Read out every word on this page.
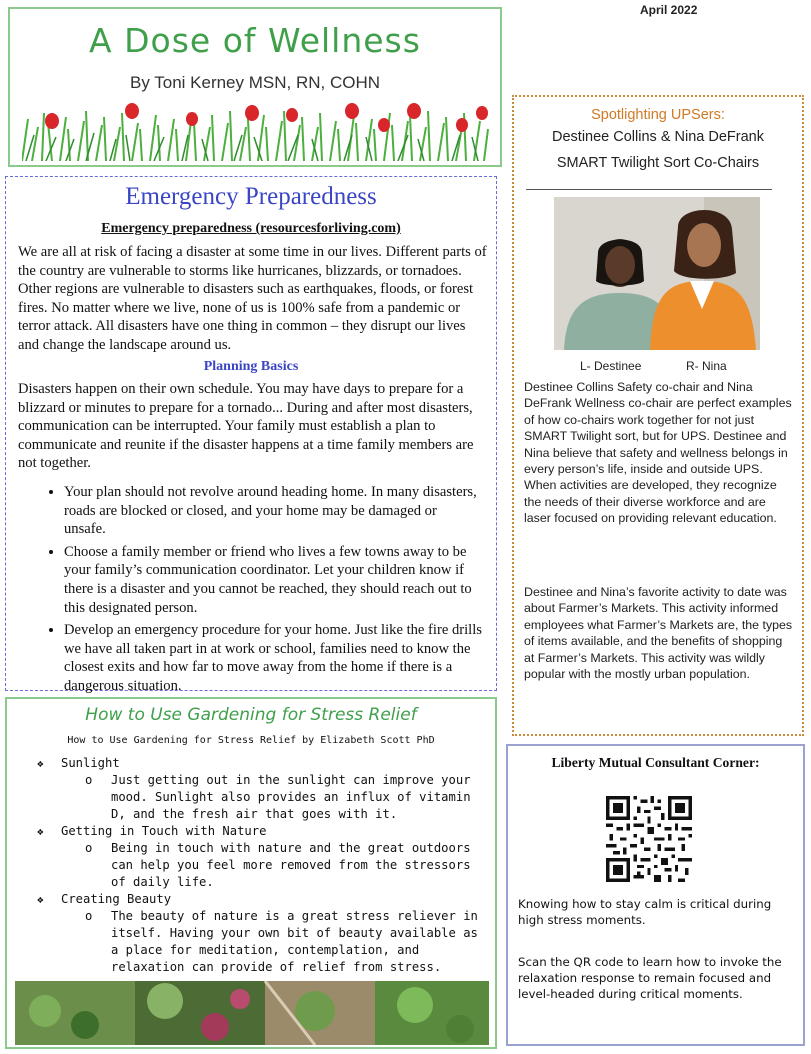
A Dose of Wellness
By Toni Kerney MSN, RN, COHN
April 2022
Emergency Preparedness
Emergency preparedness (resourcesforliving.com)
We are all at risk of facing a disaster at some time in our lives. Different parts of the country are vulnerable to storms like hurricanes, blizzards, or tornadoes. Other regions are vulnerable to disasters such as earthquakes, floods, or forest fires. No matter where we live, none of us is 100% safe from a pandemic or terror attack. All disasters have one thing in common – they disrupt our lives and change the landscape around us.
Planning Basics
Disasters happen on their own schedule. You may have days to prepare for a blizzard or minutes to prepare for a tornado... During and after most disasters, communication can be interrupted. Your family must establish a plan to communicate and reunite if the disaster happens at a time family members are not together.
• Your plan should not revolve around heading home. In many disasters, roads are blocked or closed, and your home may be damaged or unsafe.
• Choose a family member or friend who lives a few towns away to be your family’s communication coordinator. Let your children know if there is a disaster and you cannot be reached, they should reach out to this designated person.
• Develop an emergency procedure for your home. Just like the fire drills we have all taken part in at work or school, families need to know the closest exits and how far to move away from the home if there is a dangerous situation.
How to Use Gardening for Stress Relief
How to Use Gardening for Stress Relief by Elizabeth Scott PhD
❖	Sunlight
o	Just getting out in the sunlight can improve your mood. Sunlight also provides an influx of vitamin D, and the fresh air that goes with it.
❖	Getting in Touch with Nature
o	Being in touch with nature and the great outdoors can help you feel more removed from the stressors of daily life.
❖	Creating Beauty
o	The beauty of nature is a great stress reliever in itself. Having your own bit of beauty available as a place for meditation, contemplation, and relaxation can provide of relief from stress.
Spotlighting UPSers:
Destinee Collins & Nina DeFrank
SMART Twilight Sort Co-Chairs
L- Destinee	R- Nina
Destinee Collins Safety co-chair and Nina DeFrank Wellness co-chair are perfect examples of how co-chairs work together for not just SMART Twilight sort, but for UPS. Destinee and Nina believe that safety and wellness belongs in every person’s life, inside and outside UPS. When activities are developed, they recognize the needs of their diverse workforce and are laser focused on providing relevant education.
Destinee and Nina’s favorite activity to date was about Farmer’s Markets. This activity informed employees what Farmer’s Markets are, the types of items available, and the benefits of shopping at Farmer’s Markets. This activity was wildly popular with the mostly urban population.
Liberty Mutual Consultant Corner:
Knowing how to stay calm is critical during high stress moments.
Scan the QR code to learn how to invoke the relaxation response to remain focused and level-headed during critical moments.
